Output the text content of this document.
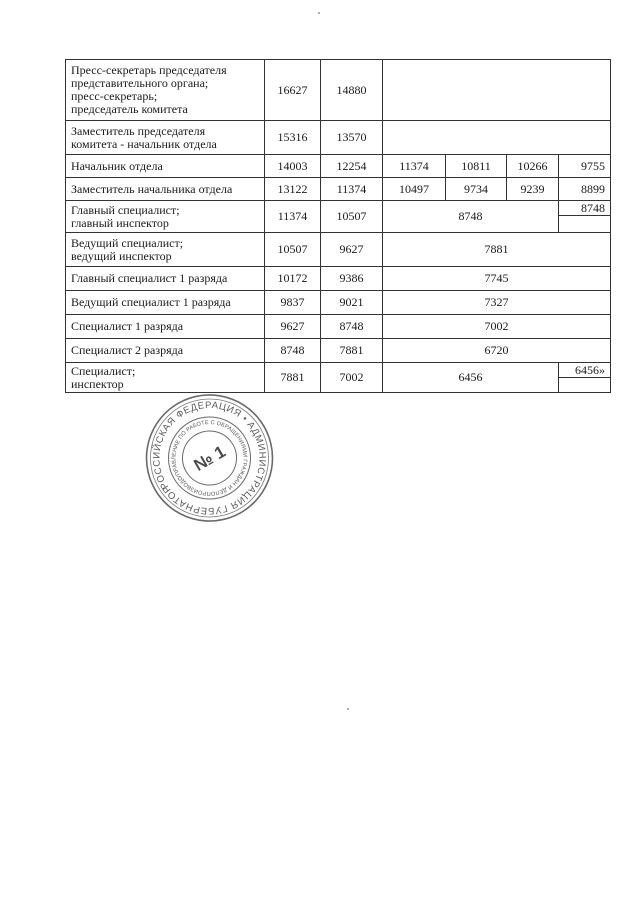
Пресс-секретарь председателя
представительного органа;
пресс-секретарь;
председатель комитета	16627	14880				

Заместитель председателя
комитета - начальник отдела	15316	13570				
Начальник отдела	14003	12254	11374	10811	10266	9755
Заместитель начальника отдела	13122	11374	10497	9734	9239	8899

Главный специалист;
главный инспектор	11374	10507	8748			8748

Ведущий специалист;
ведущий инспектор	10507	9627	7881			
Главный специалист 1 разряда	10172	9386	7745			
Ведущий специалист 1 разряда	9837	9021	7327			
Специалист 1 разряда	9627	8748	7002			
Специалист 2 разряда	8748	7881	6720			

Специалист;
инспектор	7881	7002	6456			6456»

РОССИЙСКАЯ ФЕДЕРАЦИЯ • АДМИНИСТРАЦИЯ ГУБЕРНАТОРА
УПРАВЛЕНИЕ ПО РАБОТЕ С ОБРАЩЕНИЯМИ ГРАЖДАН И ДЕЛОПРОИЗВОДСТВУ	№ 1
